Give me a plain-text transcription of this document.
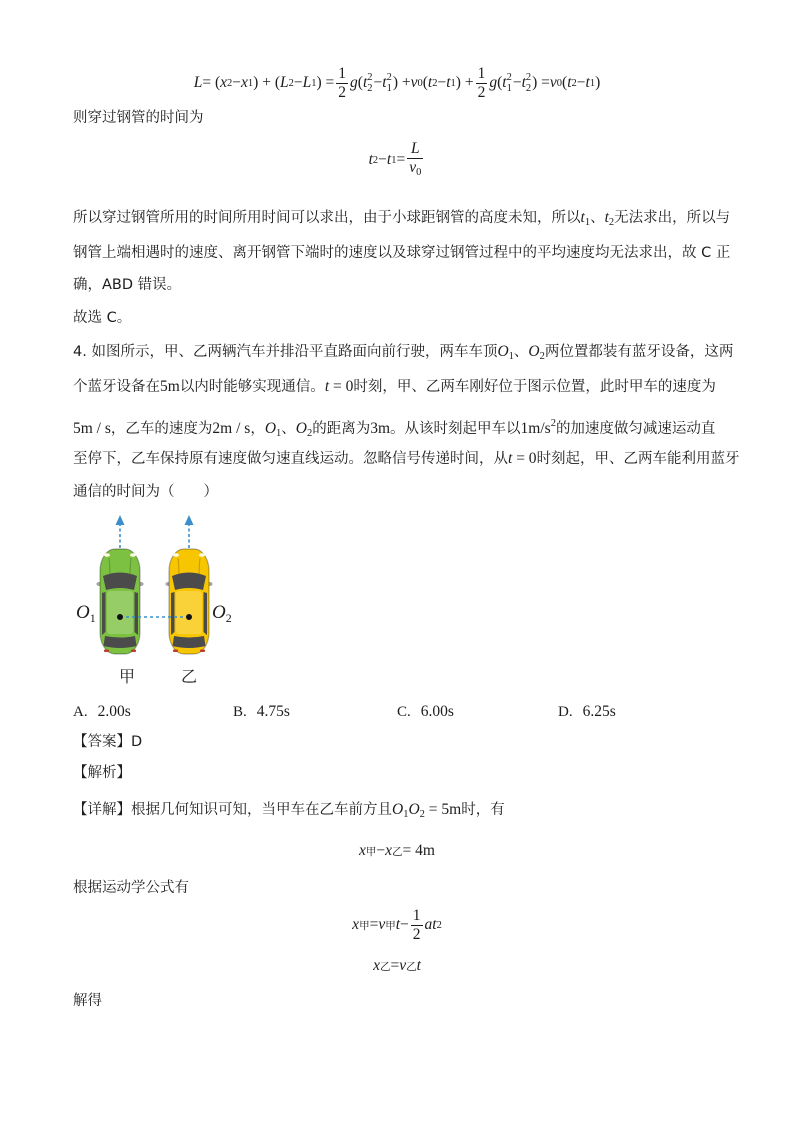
L = ( x 2 − x 1 ) + ( L 2 − L 1 ) = $\frac{1}{2}$ g ( t 2
2 − t 2
1 ) + v 0 ( t 2 − t 1 ) + $\frac{1}{2}$ g ( t 2
1 − t 2
2 ) = v 0 ( t 2 − t 1 )
则穿过钢管的时间为
t 2 − t $1 = \frac{L}{v_0}$
所以穿过钢管所用的时间所用时间可以求出，由于小球距钢管的高度未知，所以$t_1$、$t_2$无法求出，所以与
钢管上端相遇时的速度、离开钢管下端时的速度以及球穿过钢管过程中的平均速度均无法求出，故 C 正
确，ABD 错误。
故选 C。
4. 如图所示，甲、乙两辆汽车并排沿平直路面向前行驶，两车车顶$O_1$、$O_2$两位置都装有蓝牙设备，这两
个蓝牙设备在5m以内时能够实现通信。t = 0时刻，甲、乙两车刚好位于图示位置，此时甲车的速度为
5m / s，乙车的速度为2m / s，$O_1$、$O_2$的距离为3m。从该时刻起甲车以$1m/s^2$的加速度做匀减速运动直
至停下，乙车保持原有速度做匀速直线运动。忽略信号传递时间，从t = 0时刻起，甲、乙两车能利用蓝牙
通信的时间为（　　）
$O_1$	$O_2$
甲	乙
A. 2.00s	B. 4.75s	C. 6.00s	D. 6.25s
【答案】D
【解析】
【详解】根据几何知识可知，当甲车在乙车前方且$O_1O_2 = 5m$时，有
x 甲 − x 乙 = 4m
根据运动学公式有
x 甲 = v 甲 $t - \frac{1}{2}$ at 2
x 乙 = v 乙 t
解得
